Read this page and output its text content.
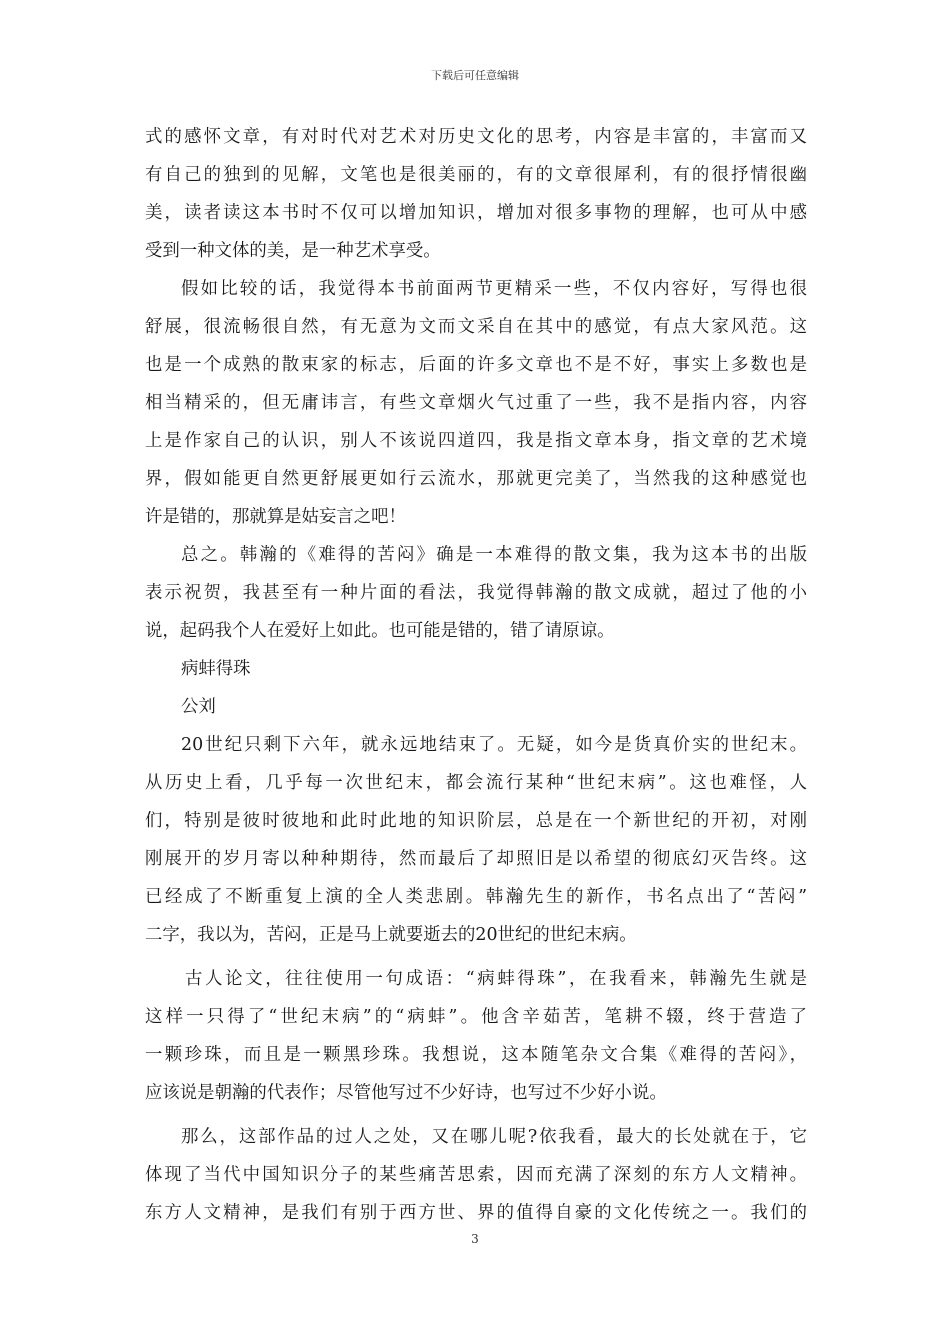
下载后可任意编辑
式的感怀文章，有对时代对艺术对历史文化的思考，内容是丰富的，丰富而又
有自己的独到的见解，文笔也是很美丽的，有的文章很犀利，有的很抒情很幽
美，读者读这本书时不仅可以增加知识，增加对很多事物的理解，也可从中感
受到一种文体的美，是一种艺术享受。
假如比较的话，我觉得本书前面两节更精采一些，不仅内容好，写得也很
舒展，很流畅很自然，有无意为文而文采自在其中的感觉，有点大家风范。这
也是一个成熟的散束家的标志，后面的许多文章也不是不好，事实上多数也是
相当精采的，但无庸讳言，有些文章烟火气过重了一些，我不是指内容，内容
上是作家自己的认识，别人不该说四道四，我是指文章本身，指文章的艺术境
界，假如能更自然更舒展更如行云流水，那就更完美了，当然我的这种感觉也
许是错的，那就算是姑妄言之吧！
总之。韩瀚的《难得的苦闷》确是一本难得的散文集，我为这本书的出版
表示祝贺，我甚至有一种片面的看法，我觉得韩瀚的散文成就，超过了他的小
说，起码我个人在爱好上如此。也可能是错的，错了请原谅。
病蚌得珠
公刘
20世纪只剩下六年，就永远地结束了。无疑，如今是货真价实的世纪末。
从历史上看，几乎每一次世纪末，都会流行某种“世纪末病”。这也难怪，人
们，特别是彼时彼地和此时此地的知识阶层，总是在一个新世纪的开初，对刚
刚展开的岁月寄以种种期待，然而最后了却照旧是以希望的彻底幻灭告终。这
已经成了不断重复上演的全人类悲剧。韩瀚先生的新作，书名点出了“苦闷”
二字，我以为，苦闷，正是马上就要逝去的20世纪的世纪末病。
古人论文，往往使用一句成语：“病蚌得珠”，在我看来，韩瀚先生就是
这样一只得了“世纪末病”的“病蚌”。他含辛茹苦，笔耕不辍，终于营造了
一颗珍珠，而且是一颗黑珍珠。我想说，这本随笔杂文合集《难得的苦闷》，
应该说是朝瀚的代表作；尽管他写过不少好诗，也写过不少好小说。
那么，这部作品的过人之处，又在哪儿呢?依我看，最大的长处就在于，它
体现了当代中国知识分子的某些痛苦思索，因而充满了深刻的东方人文精神。
东方人文精神，是我们有别于西方世、界的值得自豪的文化传统之一。我们的
3
